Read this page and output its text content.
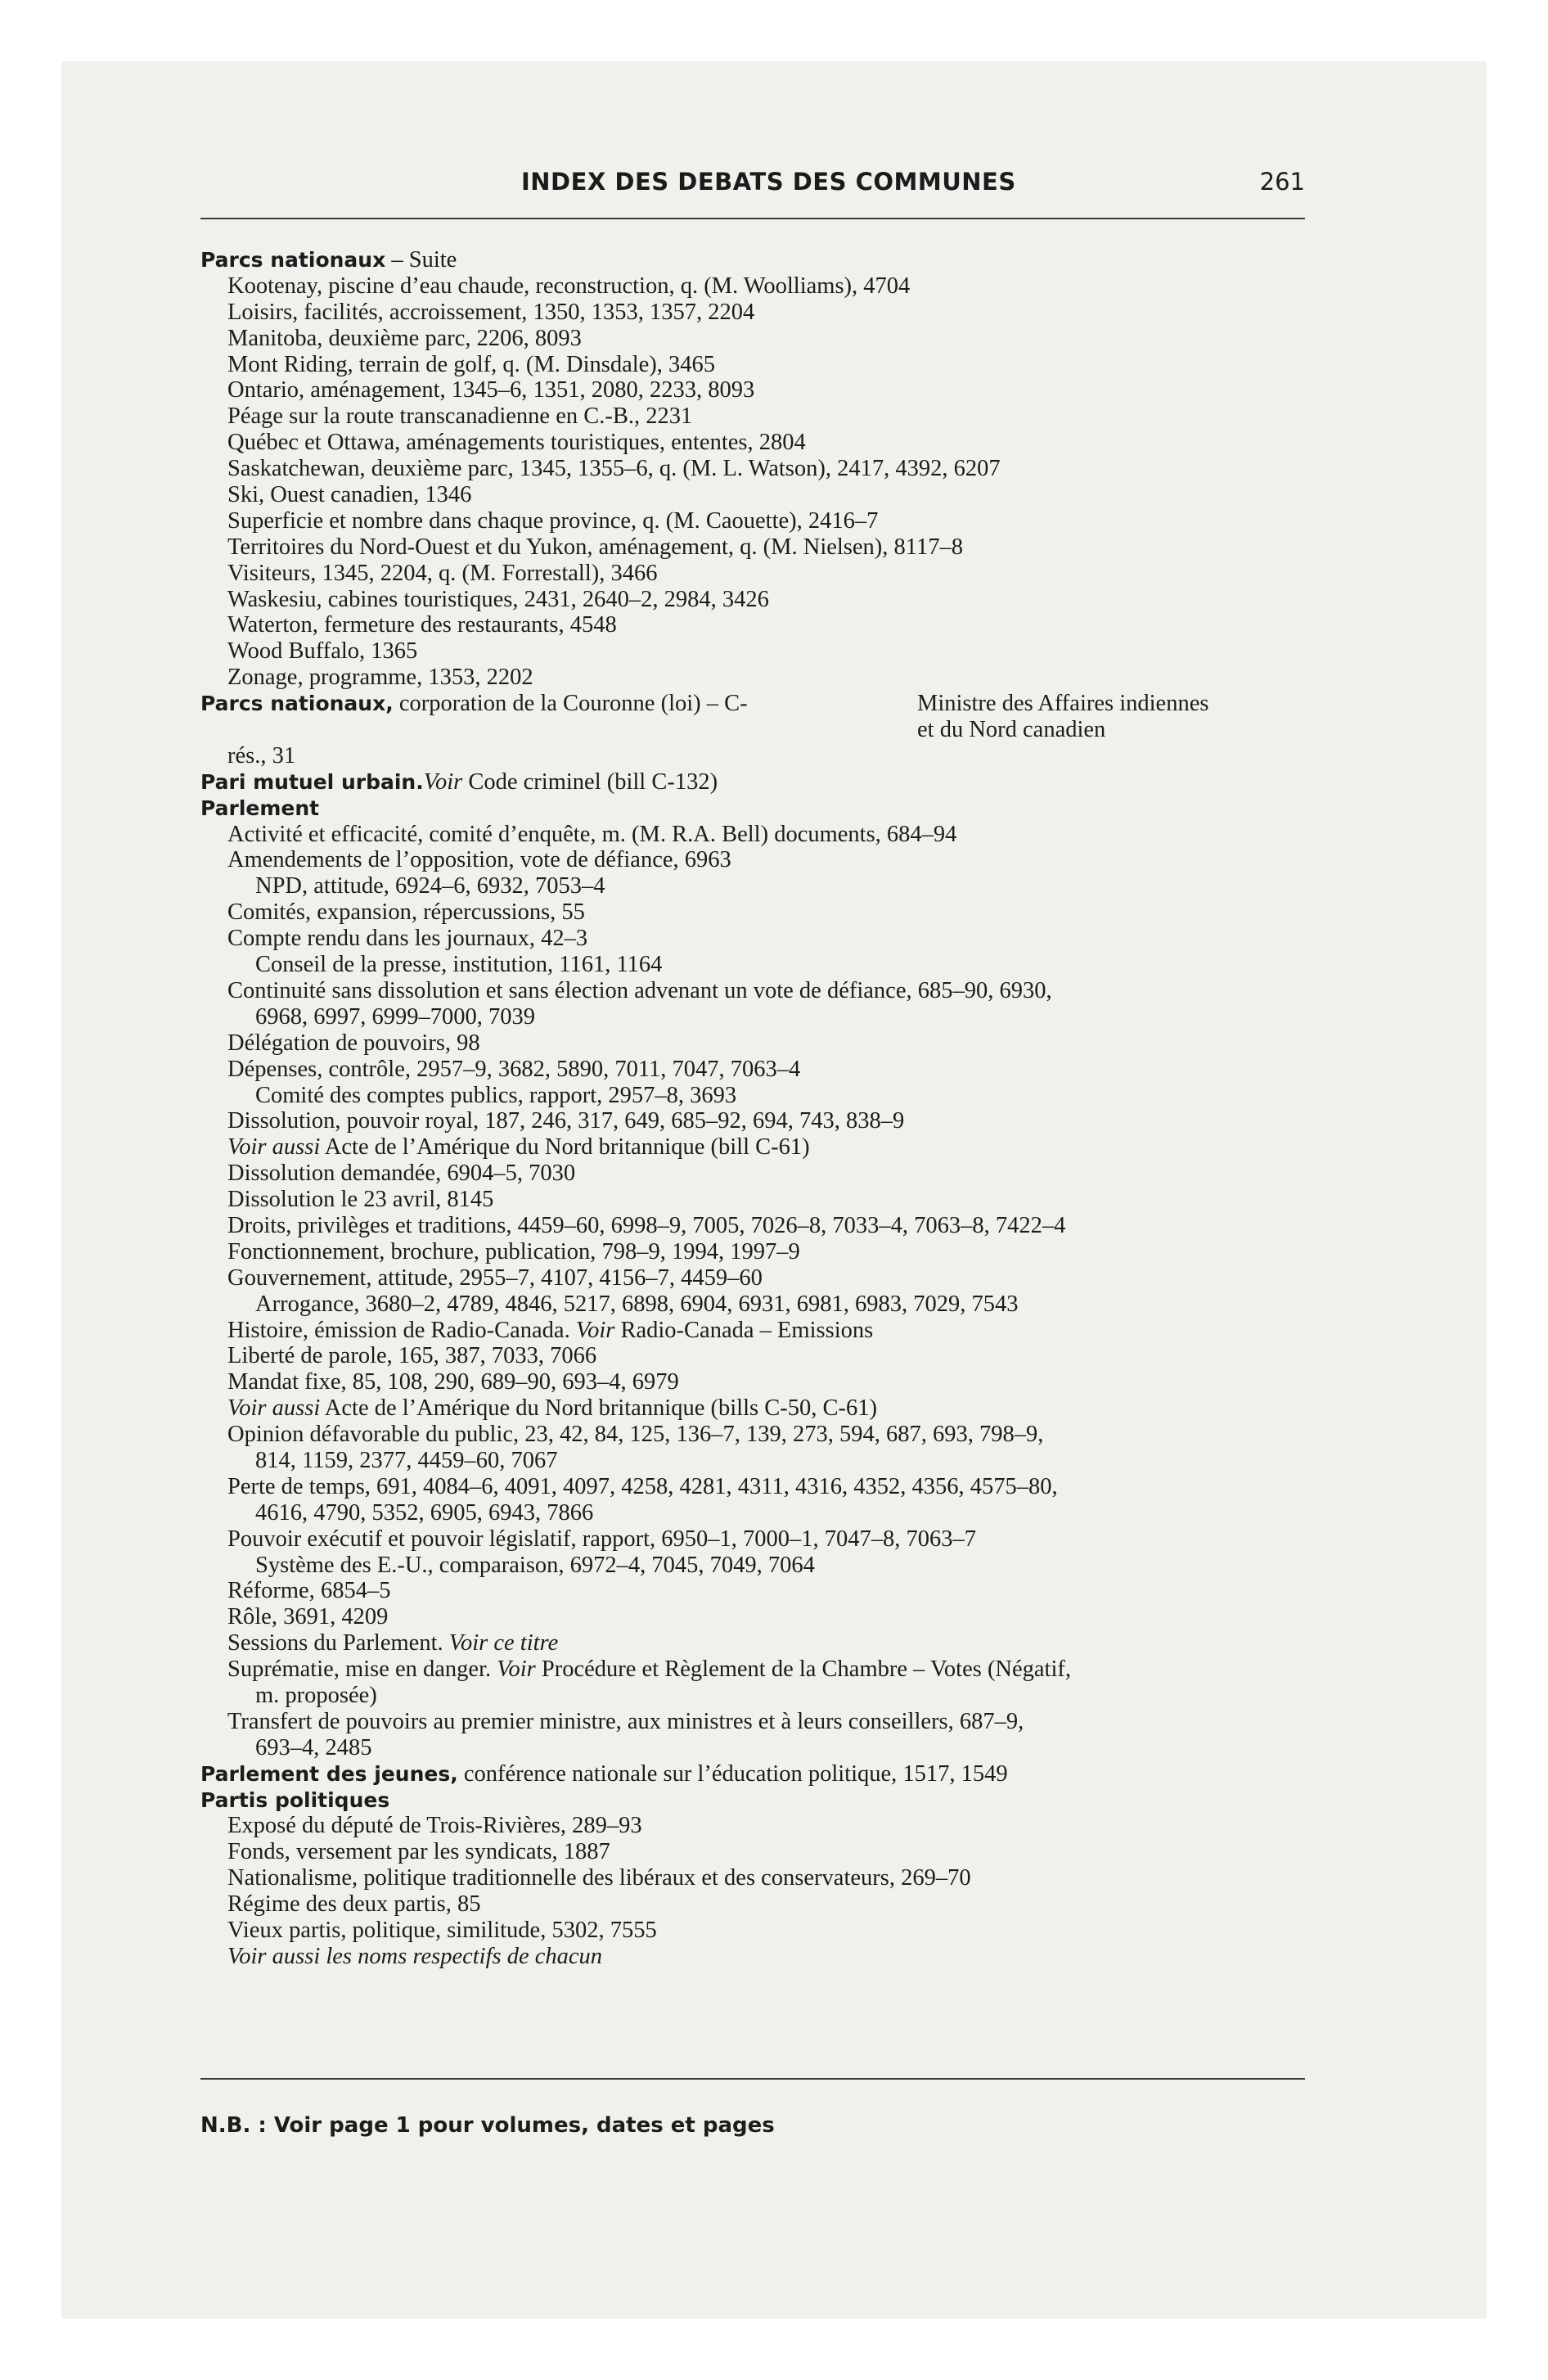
INDEX DES DEBATS DES COMMUNES	261
Parcs nationaux – Suite
Kootenay, piscine d’eau chaude, reconstruction, q. (M. Woolliams), 4704
Loisirs, facilités, accroissement, 1350, 1353, 1357, 2204
Manitoba, deuxième parc, 2206, 8093
Mont Riding, terrain de golf, q. (M. Dinsdale), 3465
Ontario, aménagement, 1345–6, 1351, 2080, 2233, 8093
Péage sur la route transcanadienne en C.-B., 2231
Québec et Ottawa, aménagements touristiques, ententes, 2804
Saskatchewan, deuxième parc, 1345, 1355–6, q. (M. L. Watson), 2417, 4392, 6207
Ski, Ouest canadien, 1346
Superficie et nombre dans chaque province, q. (M. Caouette), 2416–7
Territoires du Nord-Ouest et du Yukon, aménagement, q. (M. Nielsen), 8117–8
Visiteurs, 1345, 2204, q. (M. Forrestall), 3466
Waskesiu, cabines touristiques, 2431, 2640–2, 2984, 3426
Waterton, fermeture des restaurants, 4548
Wood Buffalo, 1365
Zonage, programme, 1353, 2202
Parcs nationaux, corporation de la Couronne (loi) – C-	Ministre des Affaires indiennes
et du Nord canadien
rés., 31
Pari mutuel urbain.Voir Code criminel (bill C-132)
Parlement
Activité et efficacité, comité d’enquête, m. (M. R.A. Bell) documents, 684–94
Amendements de l’opposition, vote de défiance, 6963
NPD, attitude, 6924–6, 6932, 7053–4
Comités, expansion, répercussions, 55
Compte rendu dans les journaux, 42–3
Conseil de la presse, institution, 1161, 1164
Continuité sans dissolution et sans élection advenant un vote de défiance, 685–90, 6930,
6968, 6997, 6999–7000, 7039
Délégation de pouvoirs, 98
Dépenses, contrôle, 2957–9, 3682, 5890, 7011, 7047, 7063–4
Comité des comptes publics, rapport, 2957–8, 3693
Dissolution, pouvoir royal, 187, 246, 317, 649, 685–92, 694, 743, 838–9
Voir aussi Acte de l’Amérique du Nord britannique (bill C-61)
Dissolution demandée, 6904–5, 7030
Dissolution le 23 avril, 8145
Droits, privilèges et traditions, 4459–60, 6998–9, 7005, 7026–8, 7033–4, 7063–8, 7422–4
Fonctionnement, brochure, publication, 798–9, 1994, 1997–9
Gouvernement, attitude, 2955–7, 4107, 4156–7, 4459–60
Arrogance, 3680–2, 4789, 4846, 5217, 6898, 6904, 6931, 6981, 6983, 7029, 7543
Histoire, émission de Radio-Canada. Voir Radio-Canada – Emissions
Liberté de parole, 165, 387, 7033, 7066
Mandat fixe, 85, 108, 290, 689–90, 693–4, 6979
Voir aussi Acte de l’Amérique du Nord britannique (bills C-50, C-61)
Opinion défavorable du public, 23, 42, 84, 125, 136–7, 139, 273, 594, 687, 693, 798–9,
814, 1159, 2377, 4459–60, 7067
Perte de temps, 691, 4084–6, 4091, 4097, 4258, 4281, 4311, 4316, 4352, 4356, 4575–80,
4616, 4790, 5352, 6905, 6943, 7866
Pouvoir exécutif et pouvoir législatif, rapport, 6950–1, 7000–1, 7047–8, 7063–7
Système des E.-U., comparaison, 6972–4, 7045, 7049, 7064
Réforme, 6854–5
Rôle, 3691, 4209
Sessions du Parlement. Voir ce titre
Suprématie, mise en danger. Voir Procédure et Règlement de la Chambre – Votes (Négatif,
m. proposée)
Transfert de pouvoirs au premier ministre, aux ministres et à leurs conseillers, 687–9,
693–4, 2485
Parlement des jeunes, conférence nationale sur l’éducation politique, 1517, 1549
Partis politiques
Exposé du député de Trois-Rivières, 289–93
Fonds, versement par les syndicats, 1887
Nationalisme, politique traditionnelle des libéraux et des conservateurs, 269–70
Régime des deux partis, 85
Vieux partis, politique, similitude, 5302, 7555
Voir aussi les noms respectifs de chacun
N.B. : Voir page 1 pour volumes, dates et pages
